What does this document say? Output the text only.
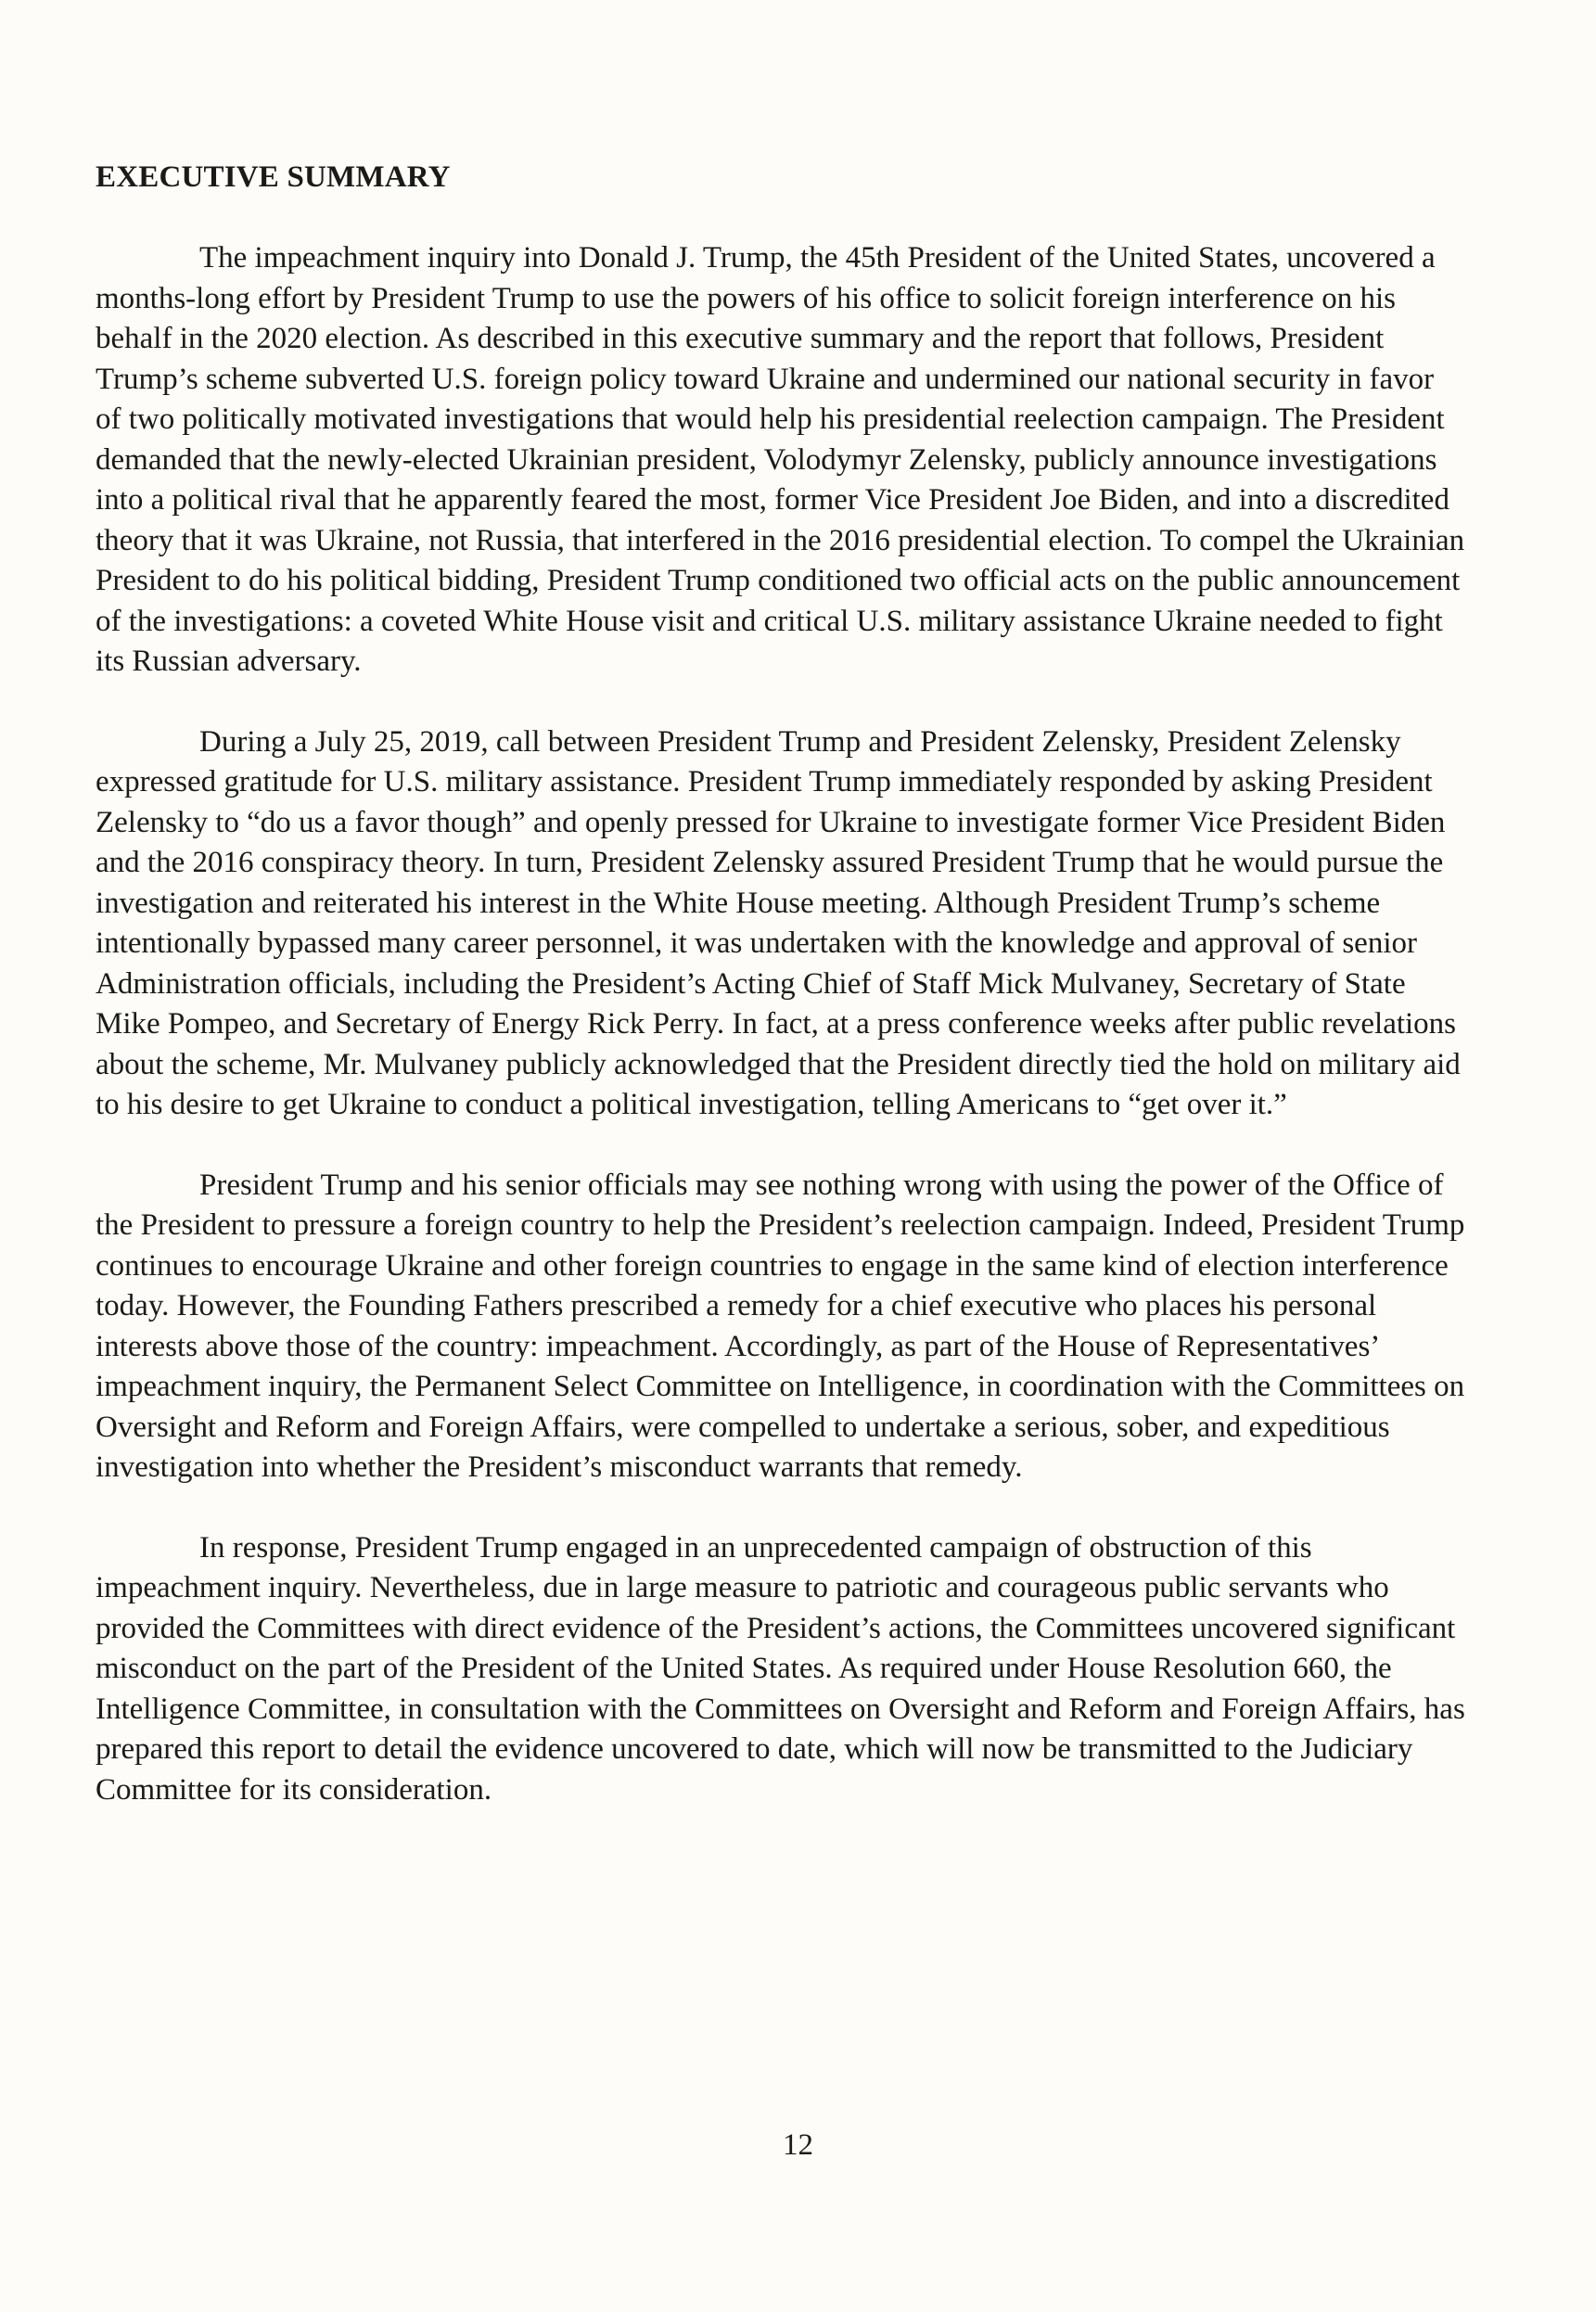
EXECUTIVE SUMMARY

The impeachment inquiry into Donald J. Trump, the 45th President of the United States, uncovered a months-long effort by President Trump to use the powers of his office to solicit foreign interference on his behalf in the 2020 election. As described in this executive summary and the report that follows, President Trump’s scheme subverted U.S. foreign policy toward Ukraine and undermined our national security in favor of two politically motivated investigations that would help his presidential reelection campaign. The President demanded that the newly-elected Ukrainian president, Volodymyr Zelensky, publicly announce investigations into a political rival that he apparently feared the most, former Vice President Joe Biden, and into a discredited theory that it was Ukraine, not Russia, that interfered in the 2016 presidential election. To compel the Ukrainian President to do his political bidding, President Trump conditioned two official acts on the public announcement of the investigations: a coveted White House visit and critical U.S. military assistance Ukraine needed to fight its Russian adversary.

During a July 25, 2019, call between President Trump and President Zelensky, President Zelensky expressed gratitude for U.S. military assistance. President Trump immediately responded by asking President Zelensky to “do us a favor though” and openly pressed for Ukraine to investigate former Vice President Biden and the 2016 conspiracy theory. In turn, President Zelensky assured President Trump that he would pursue the investigation and reiterated his interest in the White House meeting. Although President Trump’s scheme intentionally bypassed many career personnel, it was undertaken with the knowledge and approval of senior Administration officials, including the President’s Acting Chief of Staff Mick Mulvaney, Secretary of State Mike Pompeo, and Secretary of Energy Rick Perry. In fact, at a press conference weeks after public revelations about the scheme, Mr. Mulvaney publicly acknowledged that the President directly tied the hold on military aid to his desire to get Ukraine to conduct a political investigation, telling Americans to “get over it.”

President Trump and his senior officials may see nothing wrong with using the power of the Office of the President to pressure a foreign country to help the President’s reelection campaign. Indeed, President Trump continues to encourage Ukraine and other foreign countries to engage in the same kind of election interference today. However, the Founding Fathers prescribed a remedy for a chief executive who places his personal interests above those of the country: impeachment. Accordingly, as part of the House of Representatives’ impeachment inquiry, the Permanent Select Committee on Intelligence, in coordination with the Committees on Oversight and Reform and Foreign Affairs, were compelled to undertake a serious, sober, and expeditious investigation into whether the President’s misconduct warrants that remedy.

In response, President Trump engaged in an unprecedented campaign of obstruction of this impeachment inquiry. Nevertheless, due in large measure to patriotic and courageous public servants who provided the Committees with direct evidence of the President’s actions, the Committees uncovered significant misconduct on the part of the President of the United States. As required under House Resolution 660, the Intelligence Committee, in consultation with the Committees on Oversight and Reform and Foreign Affairs, has prepared this report to detail the evidence uncovered to date, which will now be transmitted to the Judiciary Committee for its consideration.

12
